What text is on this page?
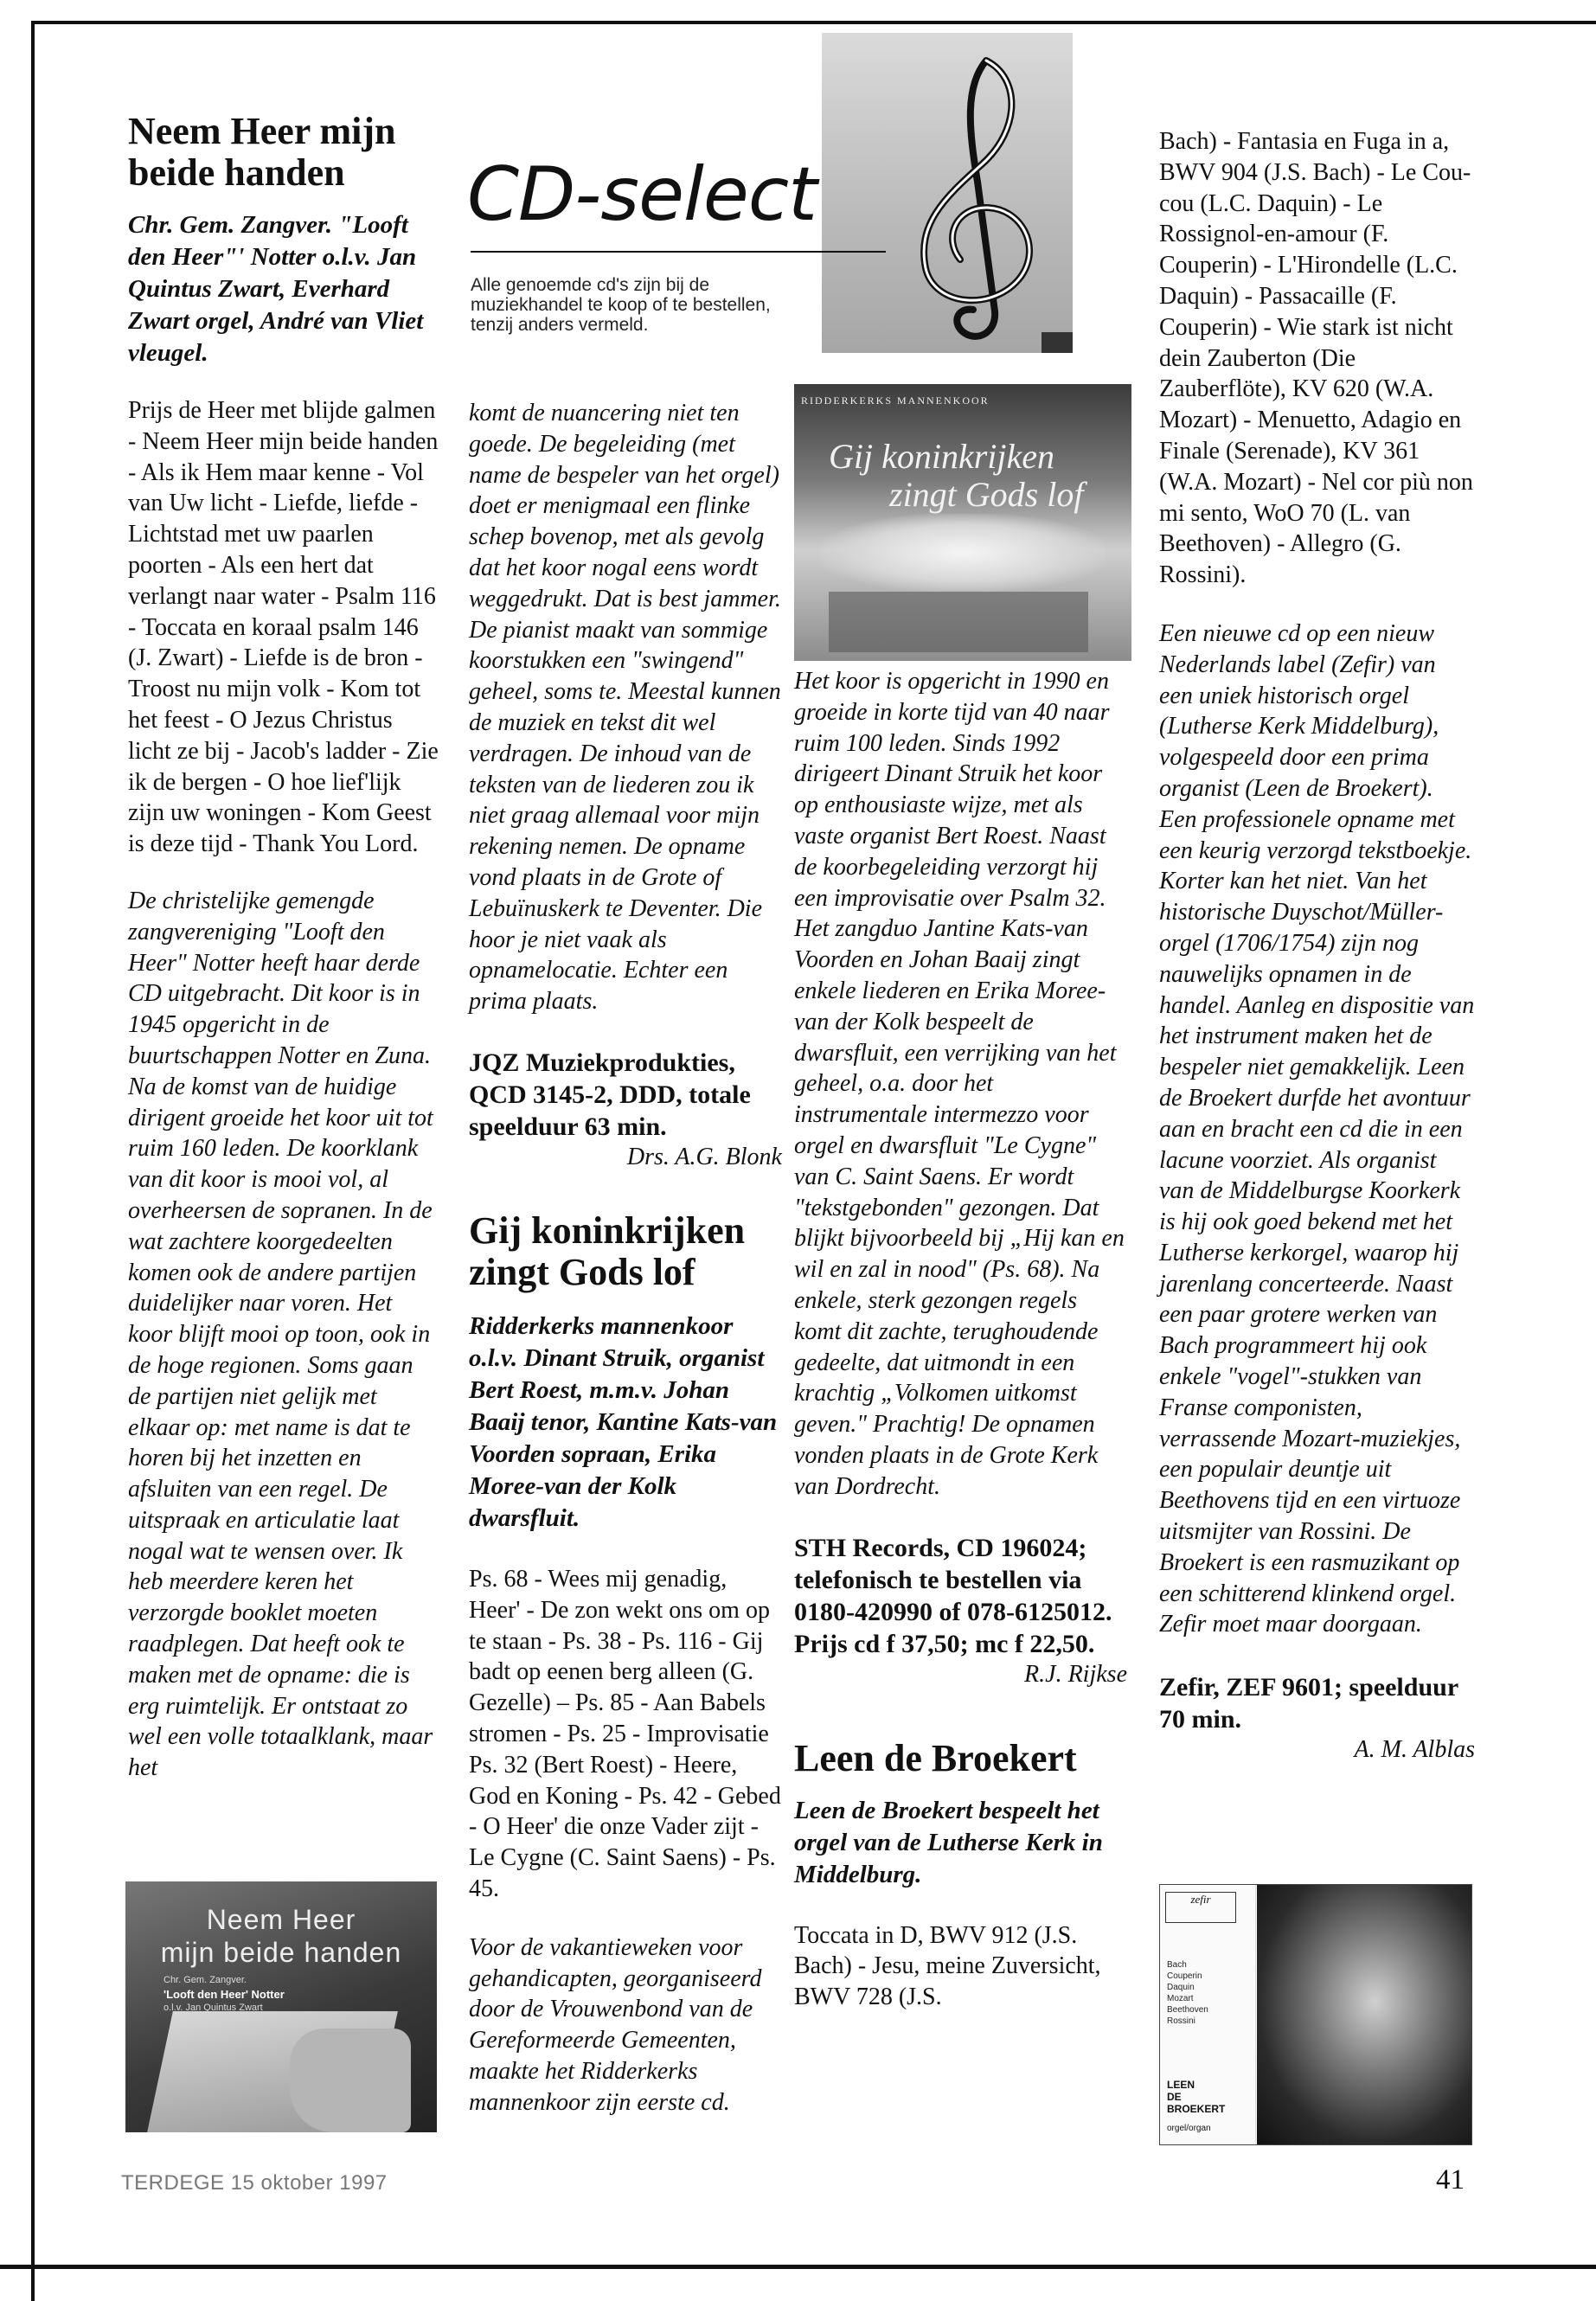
CD-select
Alle genoemde cd's zijn bij de muziekhandel te koop of te bestellen, tenzij anders vermeld.
Neem Heer mijn beide handen

Chr. Gem. Zangver. "Looft den Heer"' Notter o.l.v. Jan Quintus Zwart, Everhard Zwart orgel, André van Vliet vleugel.

Prijs de Heer met blijde galmen - Neem Heer mijn beide handen - Als ik Hem maar kenne - Vol van Uw licht - Liefde, liefde - Lichtstad met uw paarlen poorten - Als een hert dat verlangt naar water - Psalm 116 - Toccata en koraal psalm 146 (J. Zwart) - Liefde is de bron - Troost nu mijn volk - Kom tot het feest - O Jezus Christus licht ze bij - Jacob's ladder - Zie ik de bergen - O hoe lief'lijk zijn uw woningen - Kom Geest is deze tijd - Thank You Lord.

De christelijke gemengde zangvereniging "Looft den Heer" Notter heeft haar derde CD uitgebracht. Dit koor is in 1945 opgericht in de buurtschappen Notter en Zuna. Na de komst van de huidige dirigent groeide het koor uit tot ruim 160 leden. De koorklank van dit koor is mooi vol, al overheersen de sopranen. In de wat zachtere koorgedeelten komen ook de andere partijen duidelijker naar voren. Het koor blijft mooi op toon, ook in de hoge regionen. Soms gaan de partijen niet gelijk met elkaar op: met name is dat te horen bij het inzetten en afsluiten van een regel. De uitspraak en articulatie laat nogal wat te wensen over. Ik heb meerdere keren het verzorgde booklet moeten raadplegen. Dat heeft ook te maken met de opname: die is erg ruimtelijk. Er ontstaat zo wel een volle totaalklank, maar het

Neem Heer
mijn beide handen
Chr. Gem. Zangver.
'Looft den Heer' Notter
o.l.v. Jan Quintus Zwart

komt de nuancering niet ten goede. De begeleiding (met name de bespeler van het orgel) doet er menigmaal een flinke schep bovenop, met als gevolg dat het koor nogal eens wordt weggedrukt. Dat is best jammer. De pianist maakt van sommige koorstukken een "swingend" geheel, soms te. Meestal kunnen de muziek en tekst dit wel verdragen. De inhoud van de teksten van de liederen zou ik niet graag allemaal voor mijn rekening nemen. De opname vond plaats in de Grote of Lebuïnuskerk te Deventer. Die hoor je niet vaak als opnamelocatie. Echter een prima plaats.

JQZ Muziekprodukties, QCD 3145-2, DDD, totale speelduur 63 min.

Drs. A.G. Blonk

Gij koninkrijken zingt Gods lof

Ridderkerks mannenkoor o.l.v. Dinant Struik, organist Bert Roest, m.m.v. Johan Baaij tenor, Kantine Kats-van Voorden sopraan, Erika Moree-van der Kolk dwarsfluit.

Ps. 68 - Wees mij genadig, Heer' - De zon wekt ons om op te staan - Ps. 38 - Ps. 116 - Gij badt op eenen berg alleen (G. Gezelle) – Ps. 85 - Aan Babels stromen - Ps. 25 - Improvisatie Ps. 32 (Bert Roest) - Heere, God en Koning - Ps. 42 - Gebed - O Heer' die onze Vader zijt - Le Cygne (C. Saint Saens) - Ps. 45.

Voor de vakantieweken voor gehandicapten, georganiseerd door de Vrouwenbond van de Gereformeerde Gemeenten, maakte het Ridderkerks mannenkoor zijn eerste cd.

RIDDERKERKS MANNENKOOR
Gij koninkrijken
zingt Gods lof

Het koor is opgericht in 1990 en groeide in korte tijd van 40 naar ruim 100 leden. Sinds 1992 dirigeert Dinant Struik het koor op enthousiaste wijze, met als vaste organist Bert Roest. Naast de koorbegeleiding verzorgt hij een improvisatie over Psalm 32. Het zangduo Jantine Kats-van Voorden en Johan Baaij zingt enkele liederen en Erika Moree-van der Kolk bespeelt de dwarsfluit, een verrijking van het geheel, o.a. door het instrumentale intermezzo voor orgel en dwarsfluit "Le Cygne" van C. Saint Saens. Er wordt "tekstgebonden" gezongen. Dat blijkt bijvoorbeeld bij „Hij kan en wil en zal in nood" (Ps. 68). Na enkele, sterk gezongen regels komt dit zachte, terughoudende gedeelte, dat uitmondt in een krachtig „Volkomen uitkomst geven." Prachtig! De opnamen vonden plaats in de Grote Kerk van Dordrecht.

STH Records, CD 196024; telefonisch te bestellen via 0180-420990 of 078-6125012. Prijs cd f 37,50; mc f 22,50.

R.J. Rijkse

Leen de Broekert

Leen de Broekert bespeelt het orgel van de Lutherse Kerk in Middelburg.

Toccata in D, BWV 912 (J.S. Bach) - Jesu, meine Zuversicht, BWV 728 (J.S.

Bach) - Fantasia en Fuga in a, BWV 904 (J.S. Bach) - Le Cou-cou (L.C. Daquin) - Le Rossignol-en-amour (F. Couperin) - L'Hirondelle (L.C. Daquin) - Passacaille (F. Couperin) - Wie stark ist nicht dein Zauberton (Die Zauberflöte), KV 620 (W.A. Mozart) - Menuetto, Adagio en Finale (Serenade), KV 361 (W.A. Mozart) - Nel cor più non mi sento, WoO 70 (L. van Beethoven) - Allegro (G. Rossini).

Een nieuwe cd op een nieuw Nederlands label (Zefir) van een uniek historisch orgel (Lutherse Kerk Middelburg), volgespeeld door een prima organist (Leen de Broekert). Een professionele opname met een keurig verzorgd tekstboekje. Korter kan het niet. Van het historische Duyschot/Müller-orgel (1706/1754) zijn nog nauwelijks opnamen in de handel. Aanleg en dispositie van het instrument maken het de bespeler niet gemakkelijk. Leen de Broekert durfde het avontuur aan en bracht een cd die in een lacune voorziet. Als organist van de Middelburgse Koorkerk is hij ook goed bekend met het Lutherse kerkorgel, waarop hij jarenlang concerteerde. Naast een paar grotere werken van Bach programmeert hij ook enkele "vogel"-stukken van Franse componisten, verrassende Mozart-muziekjes, een populair deuntje uit Beethovens tijd en een virtuoze uitsmijter van Rossini. De Broekert is een rasmuzikant op een schitterend klinkend orgel. Zefir moet maar doorgaan.

Zefir, ZEF 9601; speelduur 70 min.

A. M. Alblas

zefir
Bach
Couperin
Daquin
Mozart
Beethoven
Rossini
LEEN
DE
BROEKERT
orgel/organ
TERDEGE 15 oktober 1997	41
